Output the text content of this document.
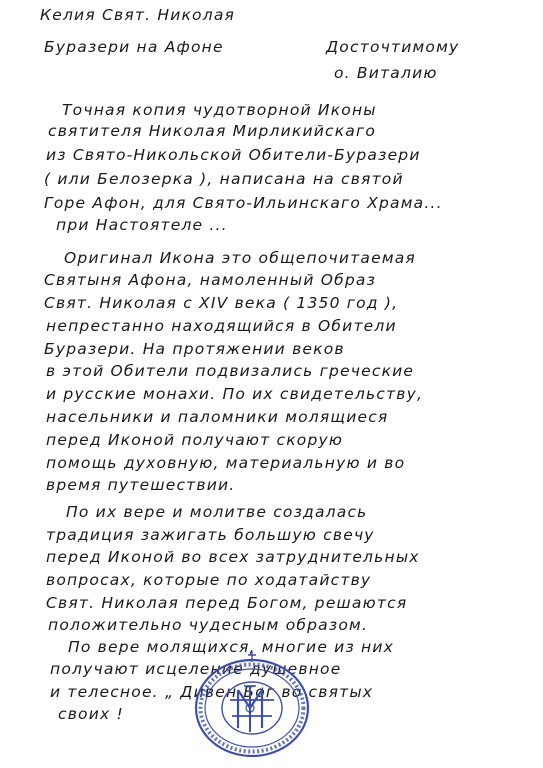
Келия Свят. Николая
Буразери на Афоне	Досточтимому
о. Виталию
Точная копия чудотворной Иконы
святителя Николая Мирликийскаго
из Свято-Никольской Обители-Буразери
( или Белозерка ), написана на святой
Горе Афон, для Свято-Ильинскаго Храма...
при Настоятеле ...
Оригинал Икона это общепочитаемая
Святыня Афона, намоленный Образ
Свят. Николая с XIV века ( 1350 год ),
непрестанно находящийся в Обители
Буразери. На протяжении веков
в этой Обители подвизались греческие
и русские монахи. По их свидетельству,
насельники и паломники молящиеся
перед Иконой получают скорую
помощь духовную, материальную и во
время путешествии.
По их вере и молитве создалась
традиция зажигать большую свечу
перед Иконой во всех затруднительных
вопросах, которые по ходатайству
Свят. Николая перед Богом, решаются
положительно чудесным образом.
По вере молящихся, многие из них
получают исцеление душевное
и телесное. „ Дивен Бог во святых
своих !
